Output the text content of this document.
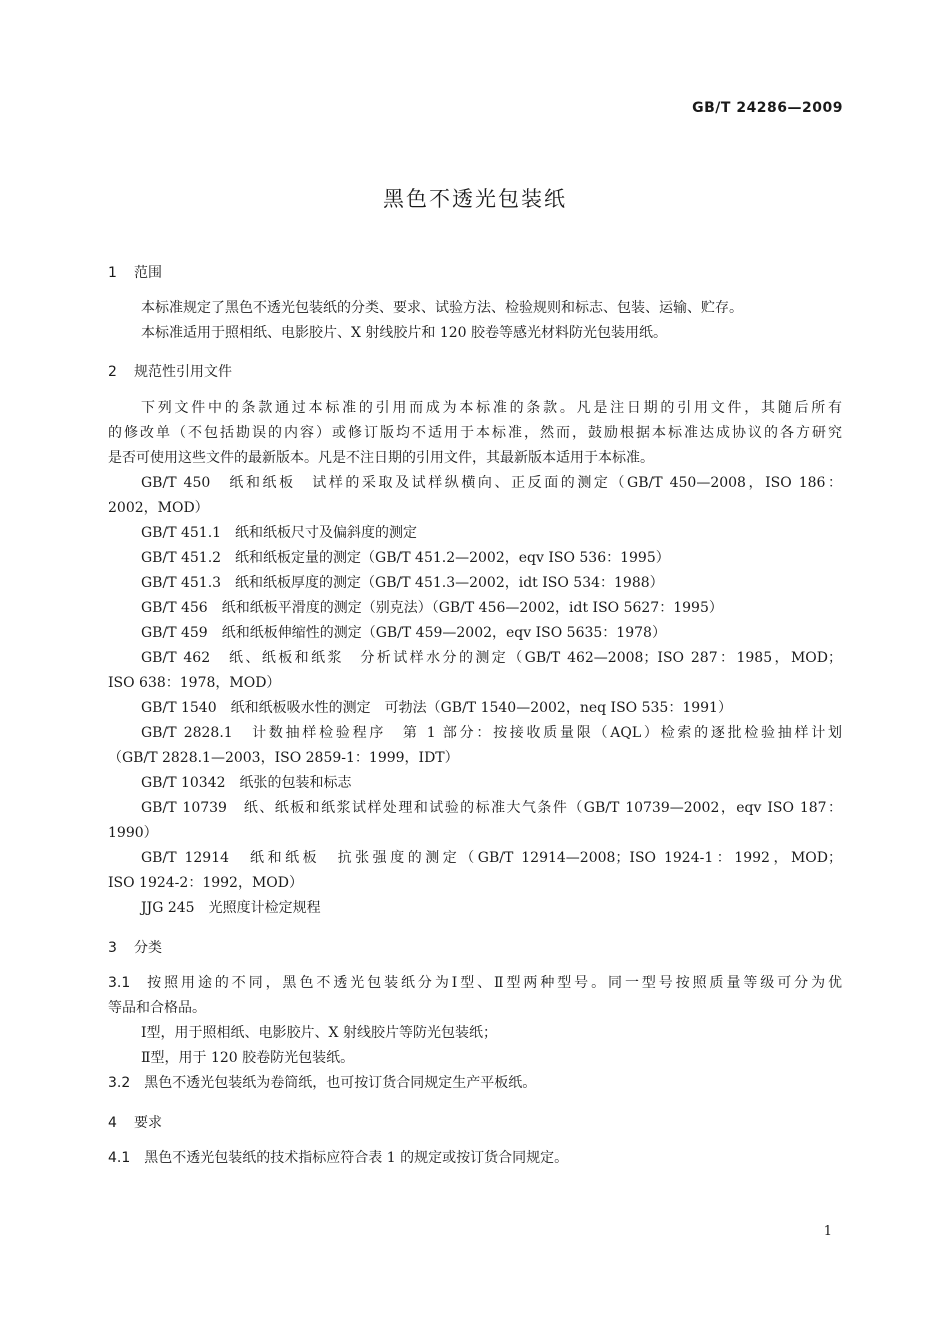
GB/T 24286—2009
黑色不透光包装纸
1 范围
本标准规定了黑色不透光包装纸的分类、要求、试验方法、检验规则和标志、包装、运输、贮存。
本标准适用于照相纸、电影胶片、X 射线胶片和 120 胶卷等感光材料防光包装用纸。
2 规范性引用文件
下列文件中的条款通过本标准的引用而成为本标准的条款。凡是注日期的引用文件，其随后所有
的修改单（不包括勘误的内容）或修订版均不适用于本标准，然而，鼓励根据本标准达成协议的各方研究
是否可使用这些文件的最新版本。凡是不注日期的引用文件，其最新版本适用于本标准。
GB/T 450　纸和纸板　试样的采取及试样纵横向、正反面的测定（GB/T 450—2008，ISO 186：
2002，MOD）
GB/T 451.1　纸和纸板尺寸及偏斜度的测定
GB/T 451.2　纸和纸板定量的测定（GB/T 451.2—2002，eqv ISO 536：1995）
GB/T 451.3　纸和纸板厚度的测定（GB/T 451.3—2002，idt ISO 534：1988）
GB/T 456　纸和纸板平滑度的测定（别克法）（GB/T 456—2002，idt ISO 5627：1995）
GB/T 459　纸和纸板伸缩性的测定（GB/T 459—2002，eqv ISO 5635：1978）
GB/T 462　纸、纸板和纸浆　分析试样水分的测定（GB/T 462—2008；ISO 287：1985，MOD；
ISO 638：1978，MOD）
GB/T 1540　纸和纸板吸水性的测定　可勃法（GB/T 1540—2002，neq ISO 535：1991）
GB/T 2828.1　计数抽样检验程序　第 1 部分：按接收质量限（AQL）检索的逐批检验抽样计划
（GB/T 2828.1—2003，ISO 2859-1：1999，IDT）
GB/T 10342　纸张的包装和标志
GB/T 10739　纸、纸板和纸浆试样处理和试验的标准大气条件（GB/T 10739—2002，eqv ISO 187：
1990）
GB/T 12914　纸和纸板　抗张强度的测定（GB/T 12914—2008；ISO 1924-1：1992，MOD；
ISO 1924-2：1992，MOD）
JJG 245　光照度计检定规程
3 分类
3.1 按照用途的不同，黑色不透光包装纸分为Ⅰ型、Ⅱ型两种型号。同一型号按照质量等级可分为优
等品和合格品。
Ⅰ型，用于照相纸、电影胶片、X 射线胶片等防光包装纸；
Ⅱ型，用于 120 胶卷防光包装纸。
3.2 黑色不透光包装纸为卷筒纸，也可按订货合同规定生产平板纸。
4 要求
4.1 黑色不透光包装纸的技术指标应符合表 1 的规定或按订货合同规定。
1
